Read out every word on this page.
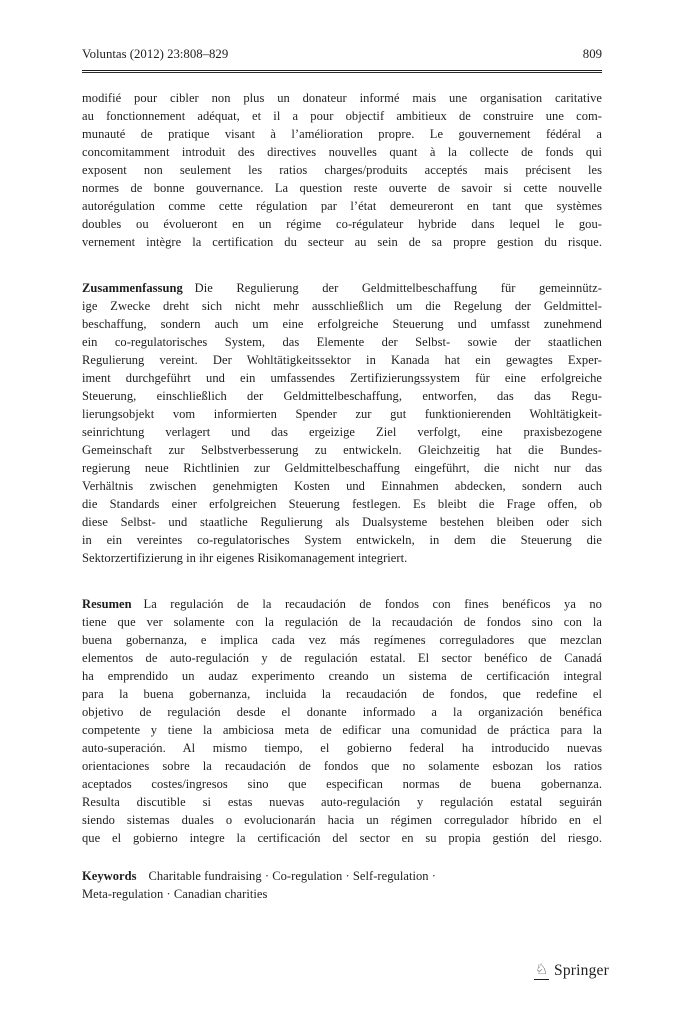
Voluntas (2012) 23:808–829	809
modifié pour cibler non plus un donateur informé mais une organisation caritative
au fonctionnement adéquat, et il a pour objectif ambitieux de construire une com-
munauté de pratique visant à l’amélioration propre. Le gouvernement fédéral a
concomitamment introduit des directives nouvelles quant à la collecte de fonds qui
exposent non seulement les ratios charges/produits acceptés mais précisent les
normes de bonne gouvernance. La question reste ouverte de savoir si cette nouvelle
autorégulation comme cette régulation par l’état demeureront en tant que systèmes
doubles ou évolueront en un régime co-régulateur hybride dans lequel le gou-
vernement intègre la certification du secteur au sein de sa propre gestion du risque.
Zusammenfassung Die Regulierung der Geldmittelbeschaffung für gemeinnütz-
ige Zwecke dreht sich nicht mehr ausschließlich um die Regelung der Geldmittel-
beschaffung, sondern auch um eine erfolgreiche Steuerung und umfasst zunehmend
ein co-regulatorisches System, das Elemente der Selbst- sowie der staatlichen
Regulierung vereint. Der Wohltätigkeitssektor in Kanada hat ein gewagtes Exper-
iment durchgeführt und ein umfassendes Zertifizierungssystem für eine erfolgreiche
Steuerung, einschließlich der Geldmittelbeschaffung, entworfen, das das Regu-
lierungsobjekt vom informierten Spender zur gut funktionierenden Wohltätigkeit-
seinrichtung verlagert und das ergeizige Ziel verfolgt, eine praxisbezogene
Gemeinschaft zur Selbstverbesserung zu entwickeln. Gleichzeitig hat die Bundes-
regierung neue Richtlinien zur Geldmittelbeschaffung eingeführt, die nicht nur das
Verhältnis zwischen genehmigten Kosten und Einnahmen abdecken, sondern auch
die Standards einer erfolgreichen Steuerung festlegen. Es bleibt die Frage offen, ob
diese Selbst- und staatliche Regulierung als Dualsysteme bestehen bleiben oder sich
in ein vereintes co-regulatorisches System entwickeln, in dem die Steuerung die
Sektorzertifizierung in ihr eigenes Risikomanagement integriert.
Resumen La regulación de la recaudación de fondos con fines benéficos ya no
tiene que ver solamente con la regulación de la recaudación de fondos sino con la
buena gobernanza, e implica cada vez más regímenes correguladores que mezclan
elementos de auto-regulación y de regulación estatal. El sector benéfico de Canadá
ha emprendido un audaz experimento creando un sistema de certificación integral
para la buena gobernanza, incluida la recaudación de fondos, que redefine el
objetivo de regulación desde el donante informado a la organización benéfica
competente y tiene la ambiciosa meta de edificar una comunidad de práctica para la
auto-superación. Al mismo tiempo, el gobierno federal ha introducido nuevas
orientaciones sobre la recaudación de fondos que no solamente esbozan los ratios
aceptados costes/ingresos sino que especifican normas de buena gobernanza.
Resulta discutible si estas nuevas auto-regulación y regulación estatal seguirán
siendo sistemas duales o evolucionarán hacia un régimen corregulador híbrido en el
que el gobierno integre la certificación del sector en su propia gestión del riesgo.
Keywords Charitable fundraising · Co-regulation · Self-regulation ·
Meta-regulation · Canadian charities
♘ Springer
